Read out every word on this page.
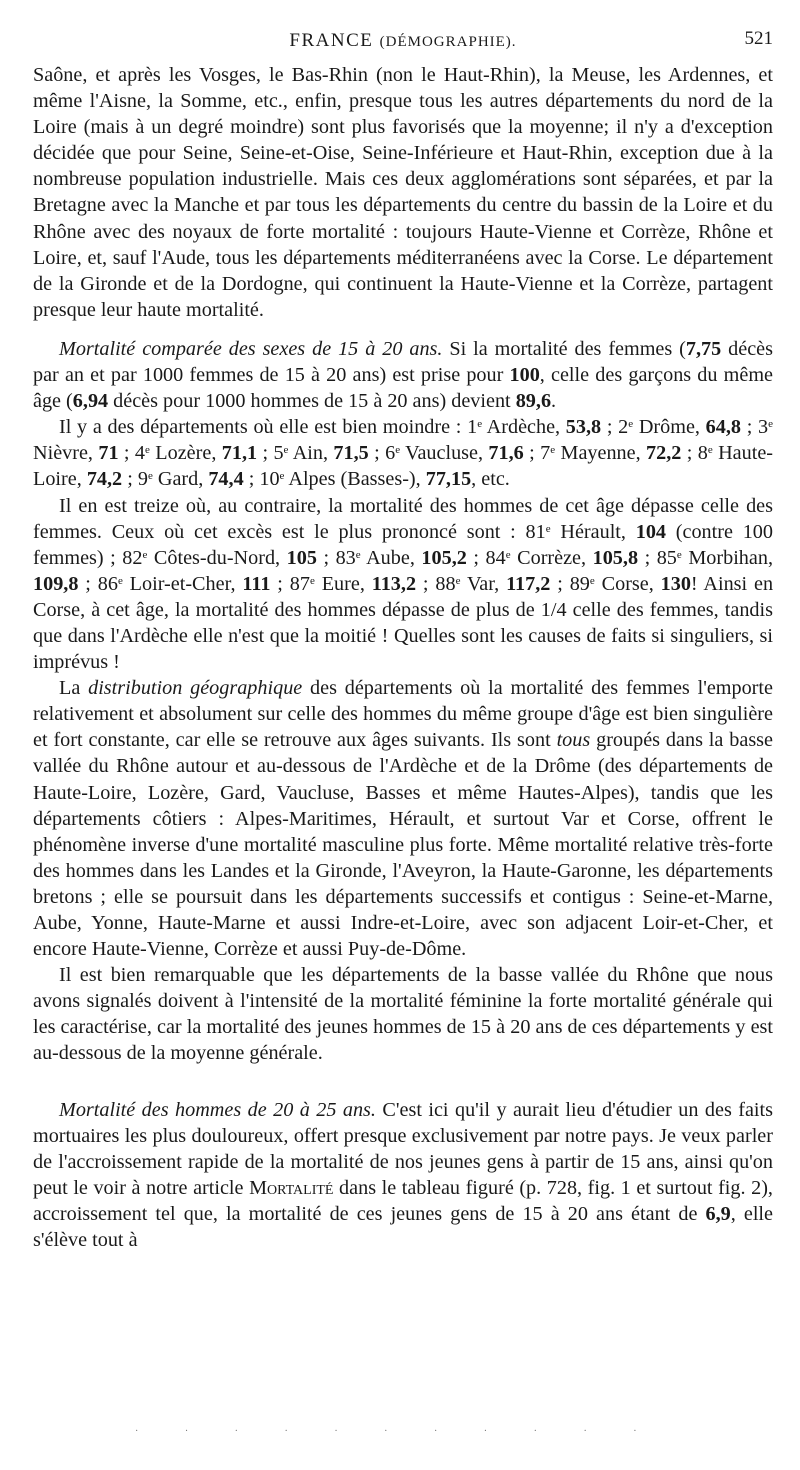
FRANCE (DÉMOGRAPHIE).	521

Saône, et après les Vosges, le Bas-Rhin (non le Haut-Rhin), la Meuse, les Ardennes, et même l'Aisne, la Somme, etc., enfin, presque tous les autres départements du nord de la Loire (mais à un degré moindre) sont plus favorisés que la moyenne; il n'y a d'exception décidée que pour Seine, Seine-et-Oise, Seine-Inférieure et Haut-Rhin, exception due à la nombreuse population industrielle. Mais ces deux agglomérations sont séparées, et par la Bretagne avec la Manche et par tous les départements du centre du bassin de la Loire et du Rhône avec des noyaux de forte mortalité : toujours Haute-Vienne et Corrèze, Rhône et Loire, et, sauf l'Aude, tous les départements méditerranéens avec la Corse. Le département de la Gironde et de la Dordogne, qui continuent la Haute-Vienne et la Corrèze, partagent presque leur haute mortalité.

Mortalité comparée des sexes de 15 à 20 ans. Si la mortalité des femmes (7,75 décès par an et par 1000 femmes de 15 à 20 ans) est prise pour 100, celle des garçons du même âge (6,94 décès pour 1000 hommes de 15 à 20 ans) devient 89,6.

Il y a des départements où elle est bien moindre : 1e Ardèche, 53,8 ; 2e Drôme, 64,8 ; 3e Nièvre, 71 ; 4e Lozère, 71,1 ; 5e Ain, 71,5 ; 6e Vaucluse, 71,6 ; 7e Mayenne, 72,2 ; 8e Haute-Loire, 74,2 ; 9e Gard, 74,4 ; 10e Alpes (Basses-), 77,15, etc.

Il en est treize où, au contraire, la mortalité des hommes de cet âge dépasse celle des femmes. Ceux où cet excès est le plus prononcé sont : 81e Hérault, 104 (contre 100 femmes) ; 82e Côtes-du-Nord, 105 ; 83e Aube, 105,2 ; 84e Corrèze, 105,8 ; 85e Morbihan, 109,8 ; 86e Loir-et-Cher, 111 ; 87e Eure, 113,2 ; 88e Var, 117,2 ; 89e Corse, 130! Ainsi en Corse, à cet âge, la mortalité des hommes dépasse de plus de 1/4 celle des femmes, tandis que dans l'Ardèche elle n'est que la moitié ! Quelles sont les causes de faits si singuliers, si imprévus !

La distribution géographique des départements où la mortalité des femmes l'emporte relativement et absolument sur celle des hommes du même groupe d'âge est bien singulière et fort constante, car elle se retrouve aux âges suivants. Ils sont tous groupés dans la basse vallée du Rhône autour et au-dessous de l'Ardèche et de la Drôme (des départements de Haute-Loire, Lozère, Gard, Vaucluse, Basses et même Hautes-Alpes), tandis que les départements côtiers : Alpes-Maritimes, Hérault, et surtout Var et Corse, offrent le phénomène inverse d'une mortalité masculine plus forte. Même mortalité relative très-forte des hommes dans les Landes et la Gironde, l'Aveyron, la Haute-Garonne, les départements bretons ; elle se poursuit dans les départements successifs et contigus : Seine-et-Marne, Aube, Yonne, Haute-Marne et aussi Indre-et-Loire, avec son adjacent Loir-et-Cher, et encore Haute-Vienne, Corrèze et aussi Puy-de-Dôme.

Il est bien remarquable que les départements de la basse vallée du Rhône que nous avons signalés doivent à l'intensité de la mortalité féminine la forte mortalité générale qui les caractérise, car la mortalité des jeunes hommes de 15 à 20 ans de ces départements y est au-dessous de la moyenne générale.

Mortalité des hommes de 20 à 25 ans. C'est ici qu'il y aurait lieu d'étudier un des faits mortuaires les plus douloureux, offert presque exclusivement par notre pays. Je veux parler de l'accroissement rapide de la mortalité de nos jeunes gens à partir de 15 ans, ainsi qu'on peut le voir à notre article Mortalité dans le tableau figuré (p. 728, fig. 1 et surtout fig. 2), accroissement tel que, la mortalité de ces jeunes gens de 15 à 20 ans étant de 6,9, elle s'élève tout à

· · · · · · · · · · ·
